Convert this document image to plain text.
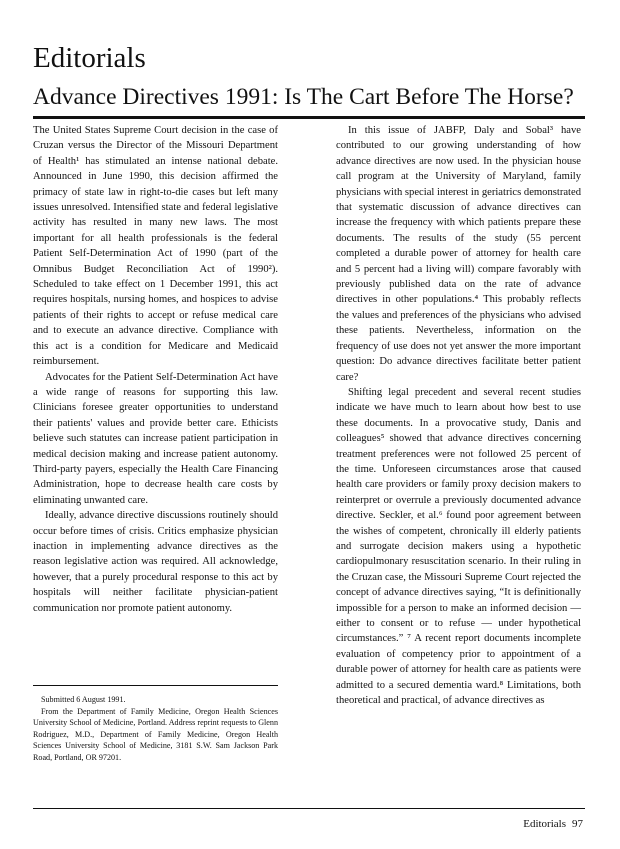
Editorials
Advance Directives 1991: Is The Cart Before The Horse?

The United States Supreme Court decision in the case of Cruzan versus the Director of the Missouri Department of Health¹ has stimulated an intense national debate. Announced in June 1990, this decision affirmed the primacy of state law in right-to-die cases but left many issues unresolved. Intensified state and federal legislative activity has resulted in many new laws. The most important for all health professionals is the federal Patient Self-Determination Act of 1990 (part of the Omnibus Budget Reconciliation Act of 1990²). Scheduled to take effect on 1 December 1991, this act requires hospitals, nursing homes, and hospices to advise patients of their rights to accept or refuse medical care and to execute an advance directive. Compliance with this act is a condition for Medicare and Medicaid reimbursement.

Advocates for the Patient Self-Determination Act have a wide range of reasons for supporting this law. Clinicians foresee greater opportunities to understand their patients' values and provide better care. Ethicists believe such statutes can increase patient participation in medical decision making and increase patient autonomy. Third-party payers, especially the Health Care Financing Administration, hope to decrease health care costs by eliminating unwanted care.

Ideally, advance directive discussions routinely should occur before times of crisis. Critics emphasize physician inaction in implementing advance directives as the reason legislative action was required. All acknowledge, however, that a purely procedural response to this act by hospitals will neither facilitate physician-patient communication nor promote patient autonomy.

Submitted 6 August 1991.

From the Department of Family Medicine, Oregon Health Sciences University School of Medicine, Portland. Address reprint requests to Glenn Rodriguez, M.D., Department of Family Medicine, Oregon Health Sciences University School of Medicine, 3181 S.W. Sam Jackson Park Road, Portland, OR 97201.

In this issue of JABFP, Daly and Sobal³ have contributed to our growing understanding of how advance directives are now used. In the physician house call program at the University of Maryland, family physicians with special interest in geriatrics demonstrated that systematic discussion of advance directives can increase the frequency with which patients prepare these documents. The results of the study (55 percent completed a durable power of attorney for health care and 5 percent had a living will) compare favorably with previously published data on the rate of advance directives in other populations.⁴ This probably reflects the values and preferences of the physicians who advised these patients. Nevertheless, information on the frequency of use does not yet answer the more important question: Do advance directives facilitate better patient care?

Shifting legal precedent and several recent studies indicate we have much to learn about how best to use these documents. In a provocative study, Danis and colleagues⁵ showed that advance directives concerning treatment preferences were not followed 25 percent of the time. Unforeseen circumstances arose that caused health care providers or family proxy decision makers to reinterpret or overrule a previously documented advance directive. Seckler, et al.⁶ found poor agreement between the wishes of competent, chronically ill elderly patients and surrogate decision makers using a hypothetic cardiopulmonary resuscitation scenario. In their ruling in the Cruzan case, the Missouri Supreme Court rejected the concept of advance directives saying, “It is definitionally impossible for a person to make an informed decision — either to consent or to refuse — under hypothetical circumstances.” ⁷ A recent report documents incomplete evaluation of competency prior to appointment of a durable power of attorney for health care as patients were admitted to a secured dementia ward.⁸ Limitations, both theoretical and practical, of advance directives as

Editorials 97
